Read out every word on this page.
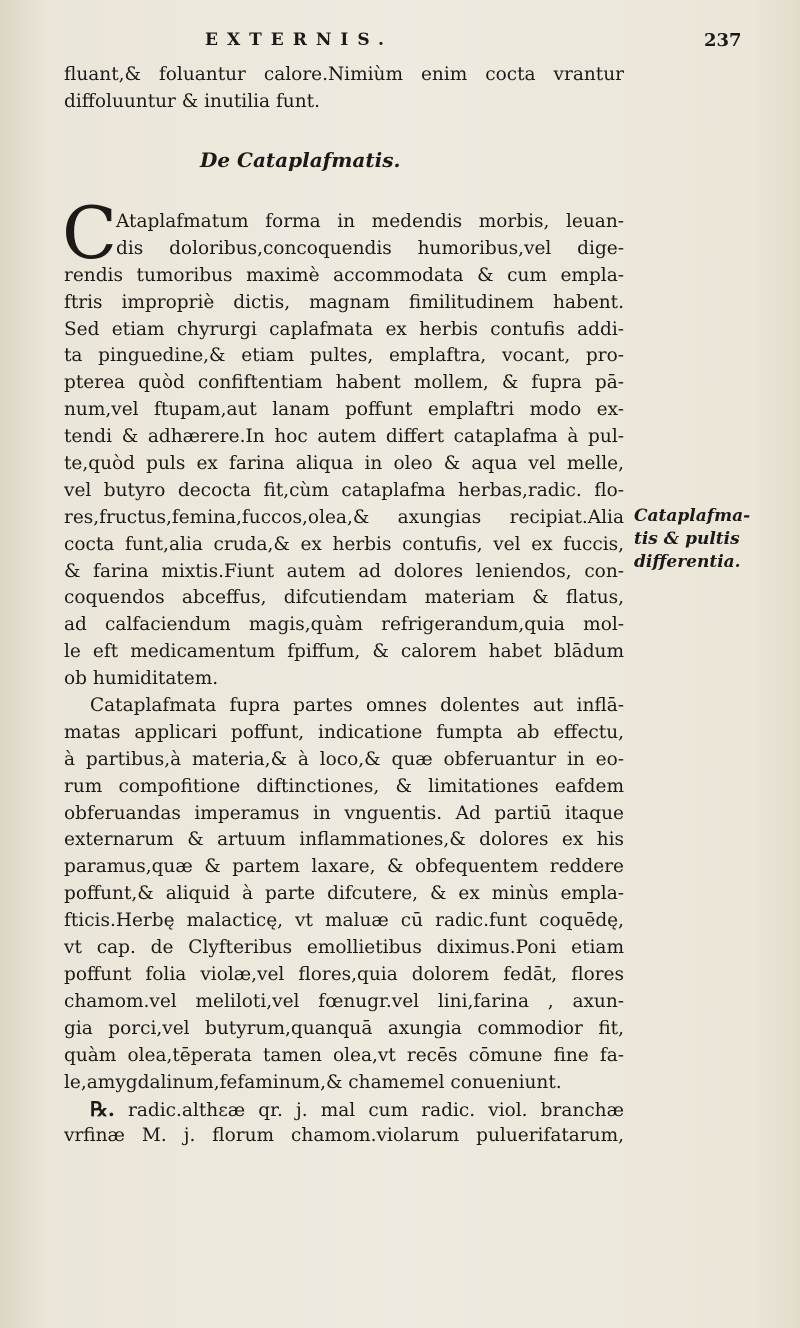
EXTERNIS.	237
fluant,& foluantur calore.Nimiùm enim cocta vrantur
diffoluuntur & inutilia funt.
De Cataplafmatis.
C
Ataplafmatum forma in medendis morbis, leuan-
dis doloribus,concoquendis humoribus,vel dige-
rendis tumoribus maximè accommodata & cum empla-
ftris impropriè dictis, magnam fimilitudinem habent.
Sed etiam chyrurgi caplafmata ex herbis contufis addi-
ta pinguedine,& etiam pultes, emplaftra, vocant, pro-
pterea quòd confiftentiam habent mollem, & fupra pā-
num,vel ftupam,aut lanam poffunt emplaftri modo ex-
tendi & adhærere.In hoc autem differt cataplafma à pul-
te,quòd puls ex farina aliqua in oleo & aqua vel melle,
vel butyro decocta fit,cùm cataplafma herbas,radic. flo-
res,fructus,femina,fuccos,olea,& axungias recipiat.Alia
cocta funt,alia cruda,& ex herbis contufis, vel ex fuccis,
& farina mixtis.Fiunt autem ad dolores leniendos, con-
coquendos abceffus, difcutiendam materiam & flatus,
ad calfaciendum magis,quàm refrigerandum,quia mol-
le eft medicamentum fpiffum, & calorem habet blādum
ob humiditatem.
Cataplafmata fupra partes omnes dolentes aut inflā-
matas applicari poffunt, indicatione fumpta ab effectu,
à partibus,à materia,& à loco,& quæ obferuantur in eo-
rum compofitione diftinctiones, & limitationes eafdem
obferuandas imperamus in vnguentis. Ad partiū itaque
externarum & artuum inflammationes,& dolores ex his
paramus,quæ & partem laxare, & obfequentem reddere
poffunt,& aliquid à parte difcutere, & ex minùs empla-
fticis.Herbę malacticę, vt maluæ cū radic.funt coquēdę,
vt cap. de Clyfteribus emollietibus diximus.Poni etiam
poffunt folia violæ,vel flores,quia dolorem fedāt, flores
chamom.vel meliloti,vel fœnugr.vel lini,farina , axun-
gia porci,vel butyrum,quanquā axungia commodior fit,
quàm olea,tēperata tamen olea,vt recēs cōmune fine fa-
le,amygdalinum,fefaminum,& chamemel conueniunt.
℞. radic.althεæ qr. j. mal cum radic. viol. branchæ
vrfinæ M. j. florum chamom.violarum puluerifatarum,
Cataplafma-
tis & pultis
differentia.
